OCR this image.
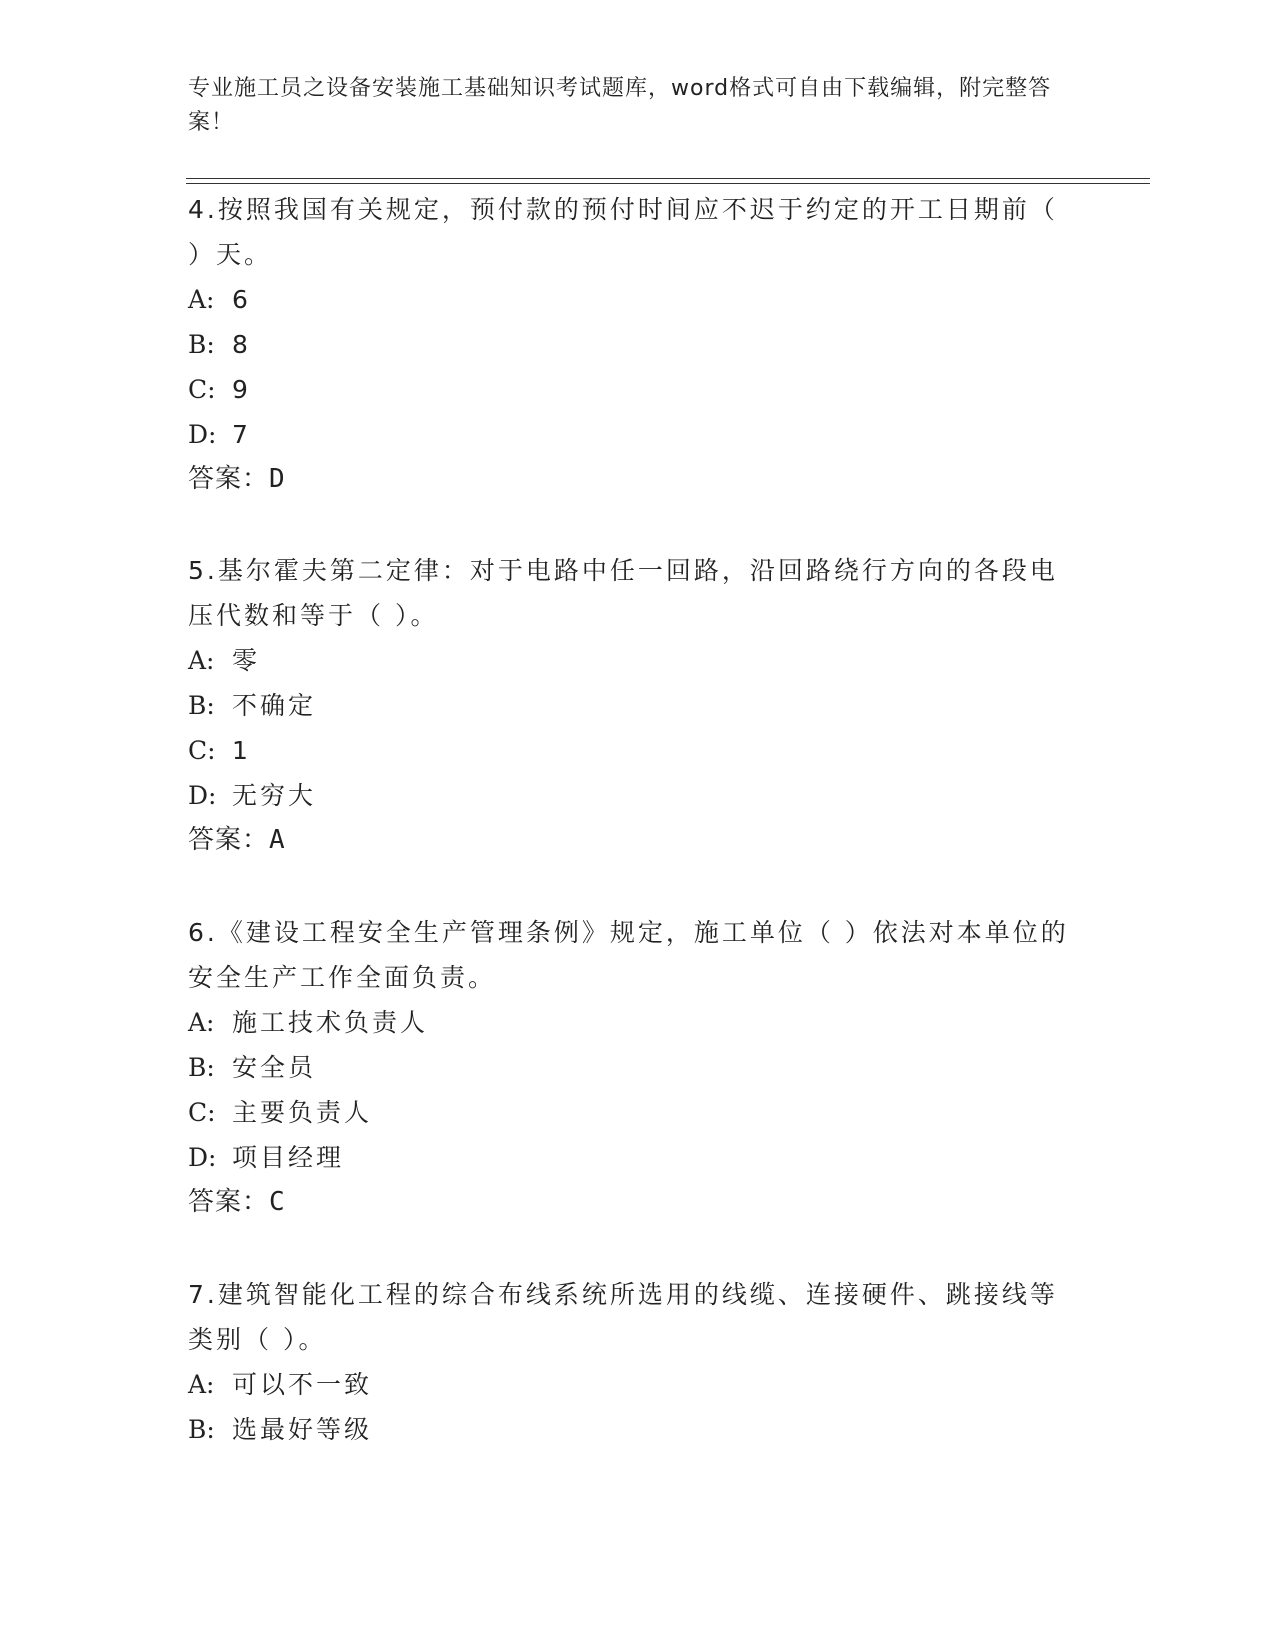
专业施工员之设备安装施工基础知识考试题库，word格式可自由下载编辑，附完整答案！

4.按照我国有关规定，预付款的预付时间应不迟于约定的开工日期前（ ）天。

A: 6

B: 8

C: 9

D: 7

答案：D

5.基尔霍夫第二定律：对于电路中任一回路，沿回路绕行方向的各段电压代数和等于（ ）。

A: 零

B: 不确定

C: 1

D: 无穷大

答案：A

6.《建设工程安全生产管理条例》规定，施工单位（ ）依法对本单位的安全生产工作全面负责。

A: 施工技术负责人

B: 安全员

C: 主要负责人

D: 项目经理

答案：C

7.建筑智能化工程的综合布线系统所选用的线缆、连接硬件、跳接线等类别（ ）。

A: 可以不一致

B: 选最好等级
